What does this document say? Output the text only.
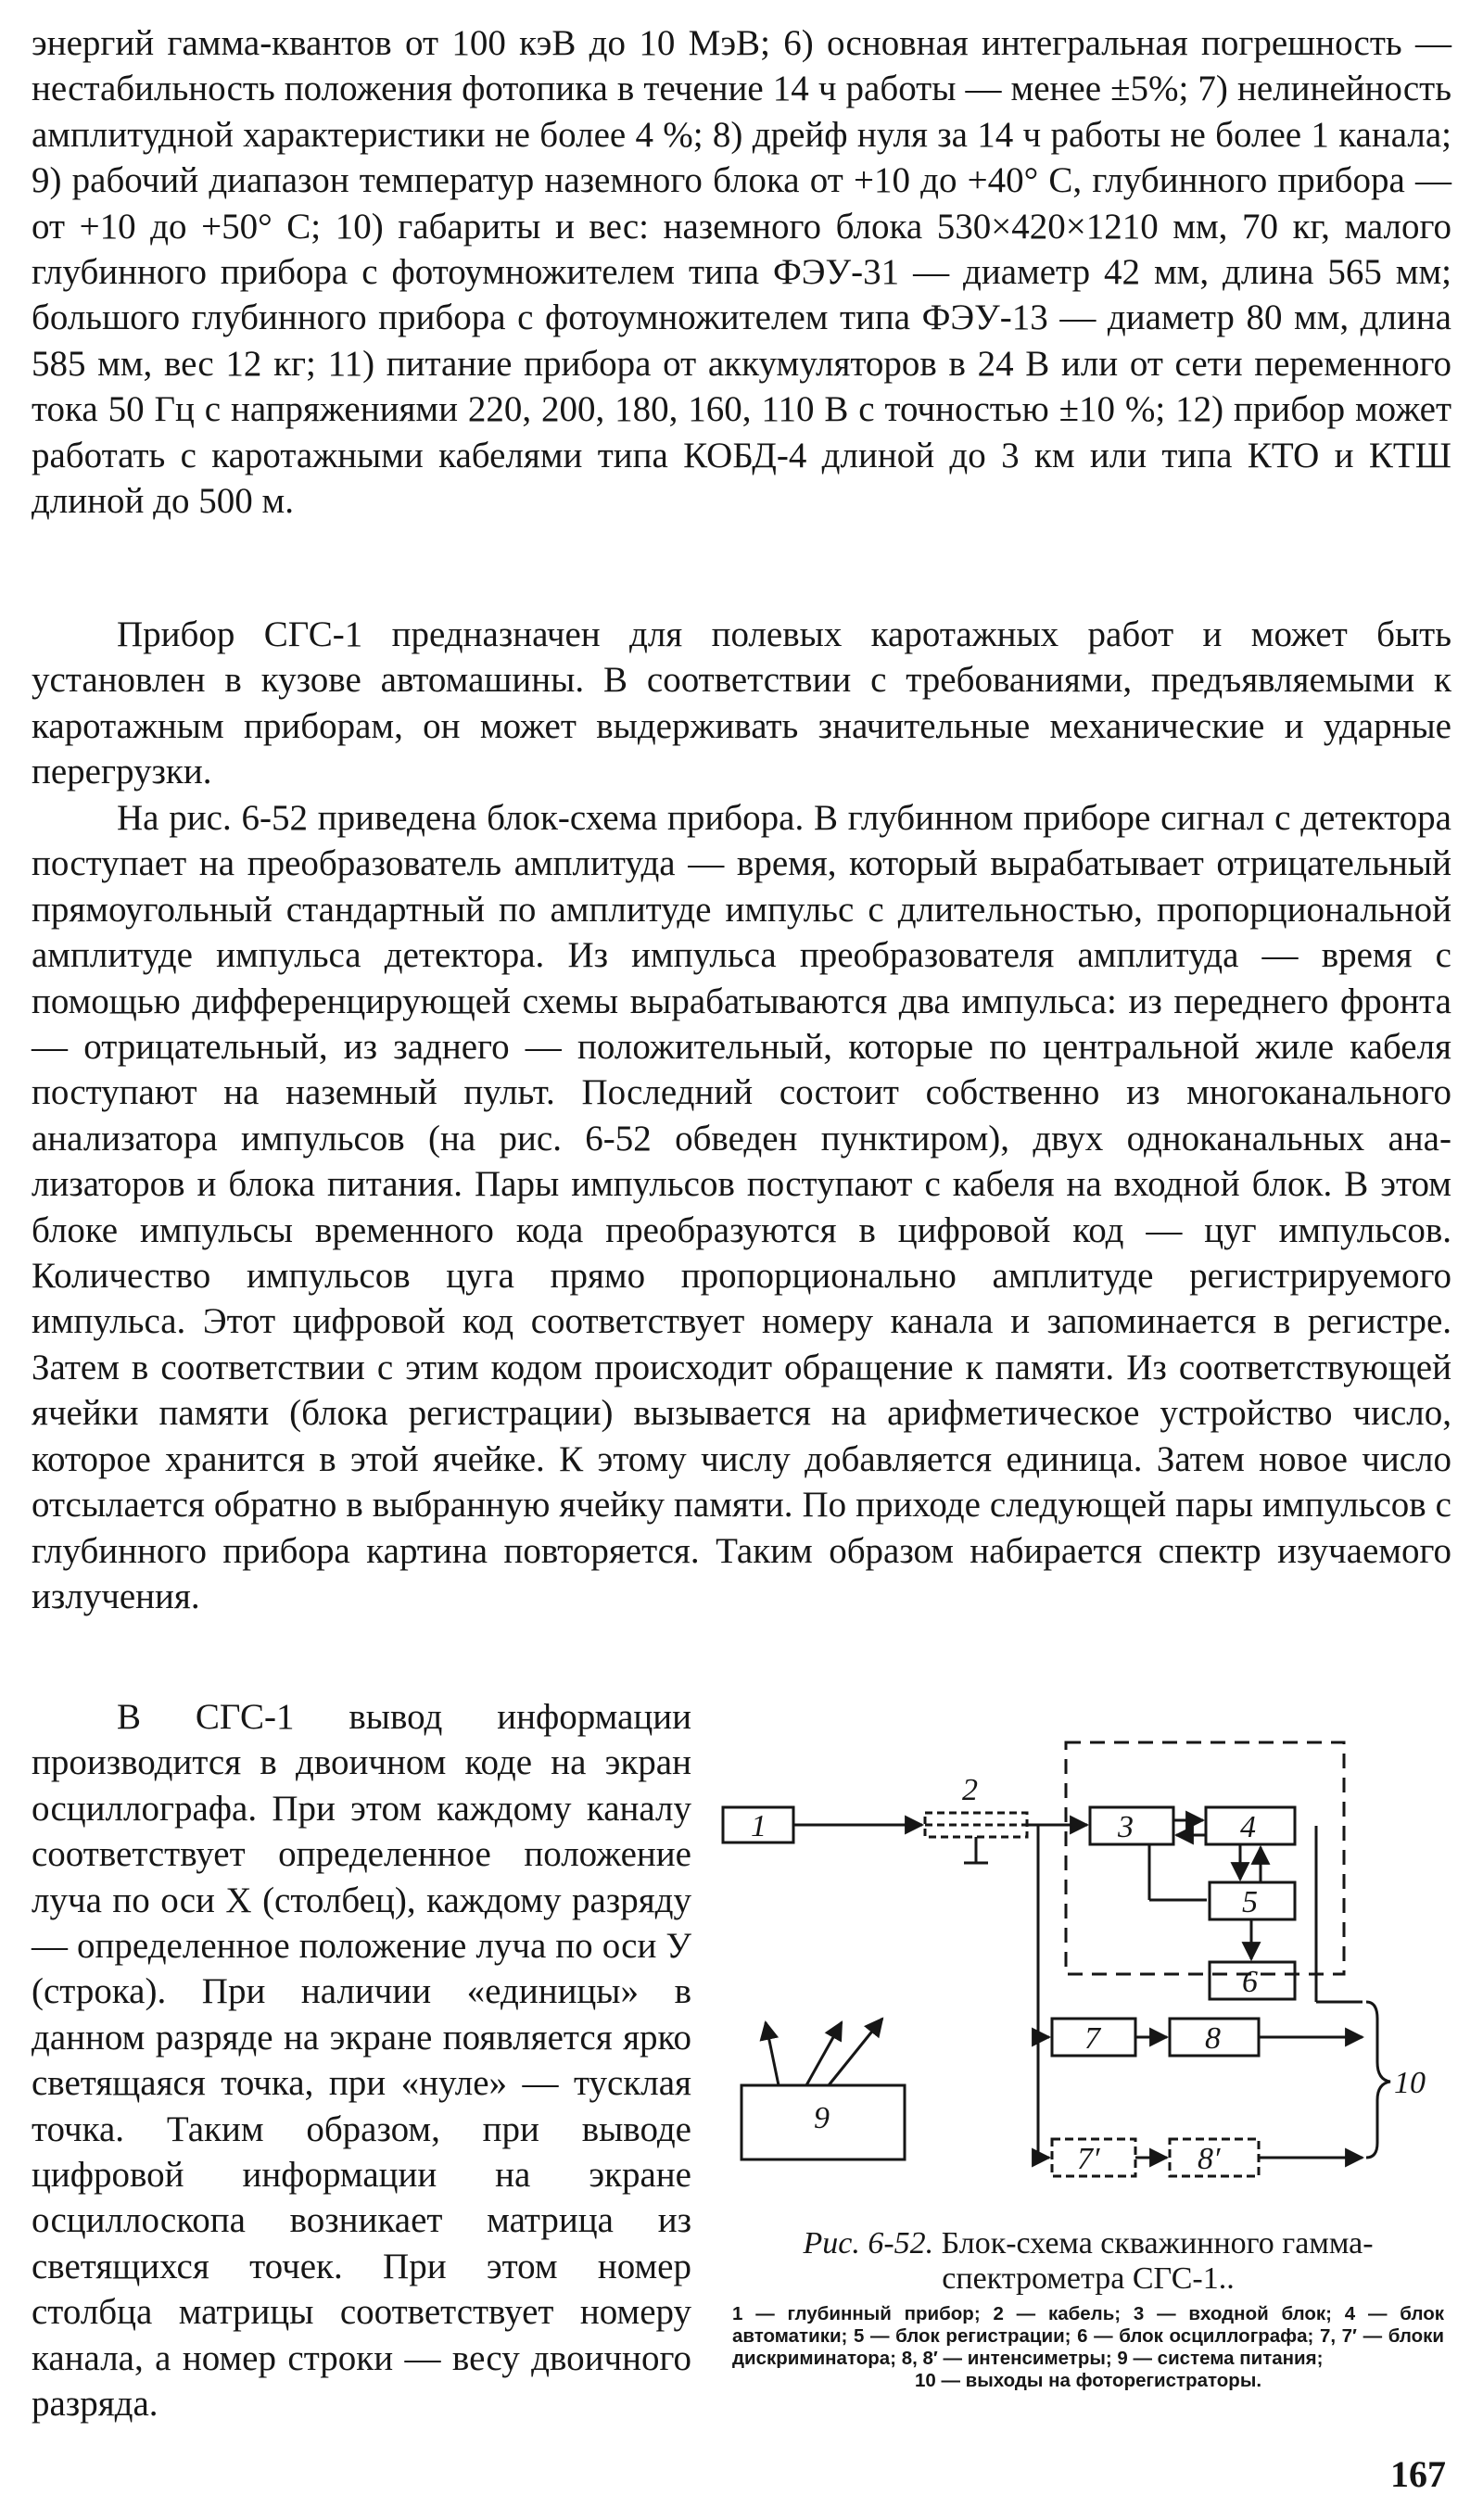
энергий гамма-квантов от 100 кэВ до 10 МэВ; 6) основная интегральная погрешность — нестабильность положения фотопика в течение 14 ч работы — менее ±5%; 7) нелинейность амплитудной характеристики не более 4 %; 8) дрейф нуля за 14 ч работы не более 1 канала; 9) рабочий диапазон температур наземного блока от +10 до +40° С, глубинного прибора — от +10 до +50° С; 10) габариты и вес: наземного блока 530×420×1210 мм, 70 кг, малого глубинного прибора с фотоумножителем типа ФЭУ-31 — диаметр 42 мм, длина 565 мм; большого глубинного прибора с фотоумножителем типа ФЭУ-13 — диаметр 80 мм, длина 585 мм, вес 12 кг; 11) питание прибора от аккумуляторов в 24 В или от сети переменного тока 50 Гц с напряжениями 220, 200, 180, 160, 110 В с точностью ±10 %; 12) прибор может работать с каротажными кабелями типа КОБД-4 длиной до 3 км или типа КТО и КТШ длиной до 500 м.

Прибор СГС-1 предназначен для полевых каротажных работ и может быть установлен в кузове автомашины. В соответствии с требованиями, предъявляемыми к каротажным приборам, он может выдерживать значительные механические и ударные перегрузки.

На рис. 6-52 приведена блок-схема прибора. В глубинном приборе сигнал с детектора поступает на преобразователь амплитуда — время, который вырабатывает отрицательный прямоугольный стандартный по амплитуде импульс с длительностью, пропорциональной амплитуде импульса детектора. Из импульса преобразователя амплитуда — время с помощью дифференцирующей схемы вырабатываются два импульса: из переднего фронта — отрицательный, из заднего — положительный, которые по центральной жиле кабеля поступают на наземный пульт. Последний состоит собственно из многоканального анализатора импульсов (на рис. 6-52 обведен пунктиром), двух одноканальных анализаторов и блока питания. Пары импульсов поступают с кабеля на входной блок. В этом блоке импульсы временного кода преобразуются в цифровой код — цуг импульсов. Количество импульсов цуга прямо пропорционально амплитуде регистрируемого импульса. Этот цифровой код соответствует номеру канала и запоминается в регистре. Затем в соответствии с этим кодом происходит обращение к памяти. Из соответствующей ячейки памяти (блока регистрации) вызывается на арифметическое устройство число, которое хранится в этой ячейке. К этому числу добавляется единица. Затем новое число отсылается обратно в выбранную ячейку памяти. По приходе следующей пары импульсов с глубинного прибора картина повторяется. Таким образом набирается спектр изучаемого излучения.

В СГС-1 вывод информации производится в двоичном коде на экран осциллографа. При этом каждому каналу соответствует определенное положение луча по оси X (столбец), каждому разряду — определенное положение луча по оси У (строка). При наличии «единицы» в данном разряде на экране появляется ярко светящаяся точка, при «нуле» — тусклая точка. Таким образом, при выводе цифровой информации на экране осциллоскопа возникает матрица из светящихся точек. При этом номер столбца матрицы соответствует номеру канала, а номер строки — весу двоичного разряда.

1
2
3	4
5
6
7	8
7′	8′
10
9
Рис. 6-52. Блок-схема скважинного гамма-спектрометра СГС-1..
1 — глубинный прибор; 2 — кабель; 3 — входной блок; 4 — блок автоматики; 5 — блок регистрации; 6 — блок осциллографа; 7, 7′ — блоки дискриминатора; 8, 8′ — интенсиметры; 9 — система питания;
10 — выходы на фоторегистраторы.
167
